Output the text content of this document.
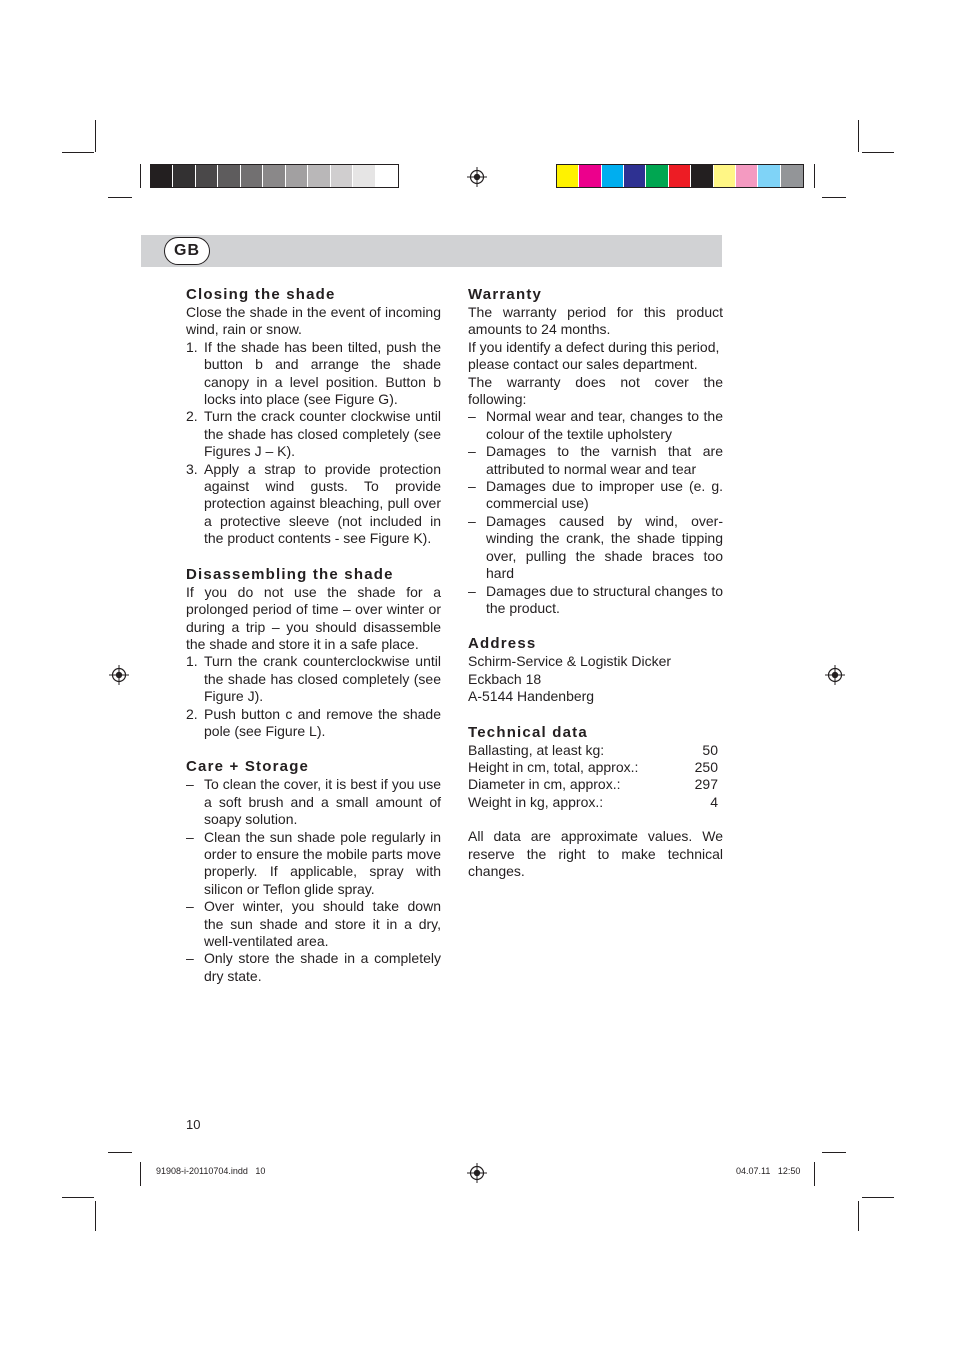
GB
Closing the shade

Close the shade in the event of incoming wind, rain or snow.

1. If the shade has been tilted, push the button b and arrange the shade canopy in a level position. Button b locks into place (see Figure G).
2. Turn the crack counter clockwise until the shade has closed completely (see Figures J – K).
3. Apply a strap to provide protection against wind gusts. To provide protection against bleaching, pull over a protective sleeve (not included in the product contents - see Figure K).
Disassembling the shade

If you do not use the shade for a prolonged period of time – over winter or during a trip – you should disassemble the shade and store it in a safe place.

1. Turn the crank counterclockwise until the shade has closed completely (see Figure J).
2. Push button c and remove the shade pole (see Figure L).
Care + Storage
– To clean the cover, it is best if you use a soft brush and a small amount of soapy solution.
– Clean the sun shade pole regularly in order to ensure the mobile parts move properly. If applicable, spray with silicon or Teflon glide spray.
– Over winter, you should take down the sun shade and store it in a dry, well-ventilated area.
– Only store the shade in a completely dry state.
Warranty

The warranty period for this product amounts to 24 months.

If you identify a defect during this period, please contact our sales department.

The warranty does not cover the following:

– Normal wear and tear, changes to the colour of the textile upholstery
– Damages to the varnish that are attributed to normal wear and tear
– Damages due to improper use (e. g. commercial use)
– Damages caused by wind, over-winding the crank, the shade tipping over, pulling the shade braces too hard
– Damages due to structural changes to the product.
Address
Schirm-Service & Logistik Dicker
Eckbach 18
A-5144 Handenberg
Technical data
Ballasting, at least kg:	50
Height in cm, total, approx.:	250
Diameter in cm, approx.:	297
Weight in kg, approx.:	4

All data are approximate values. We reserve the right to make technical changes.

10
91908-i-20110704.indd   10	04.07.11   12:50
